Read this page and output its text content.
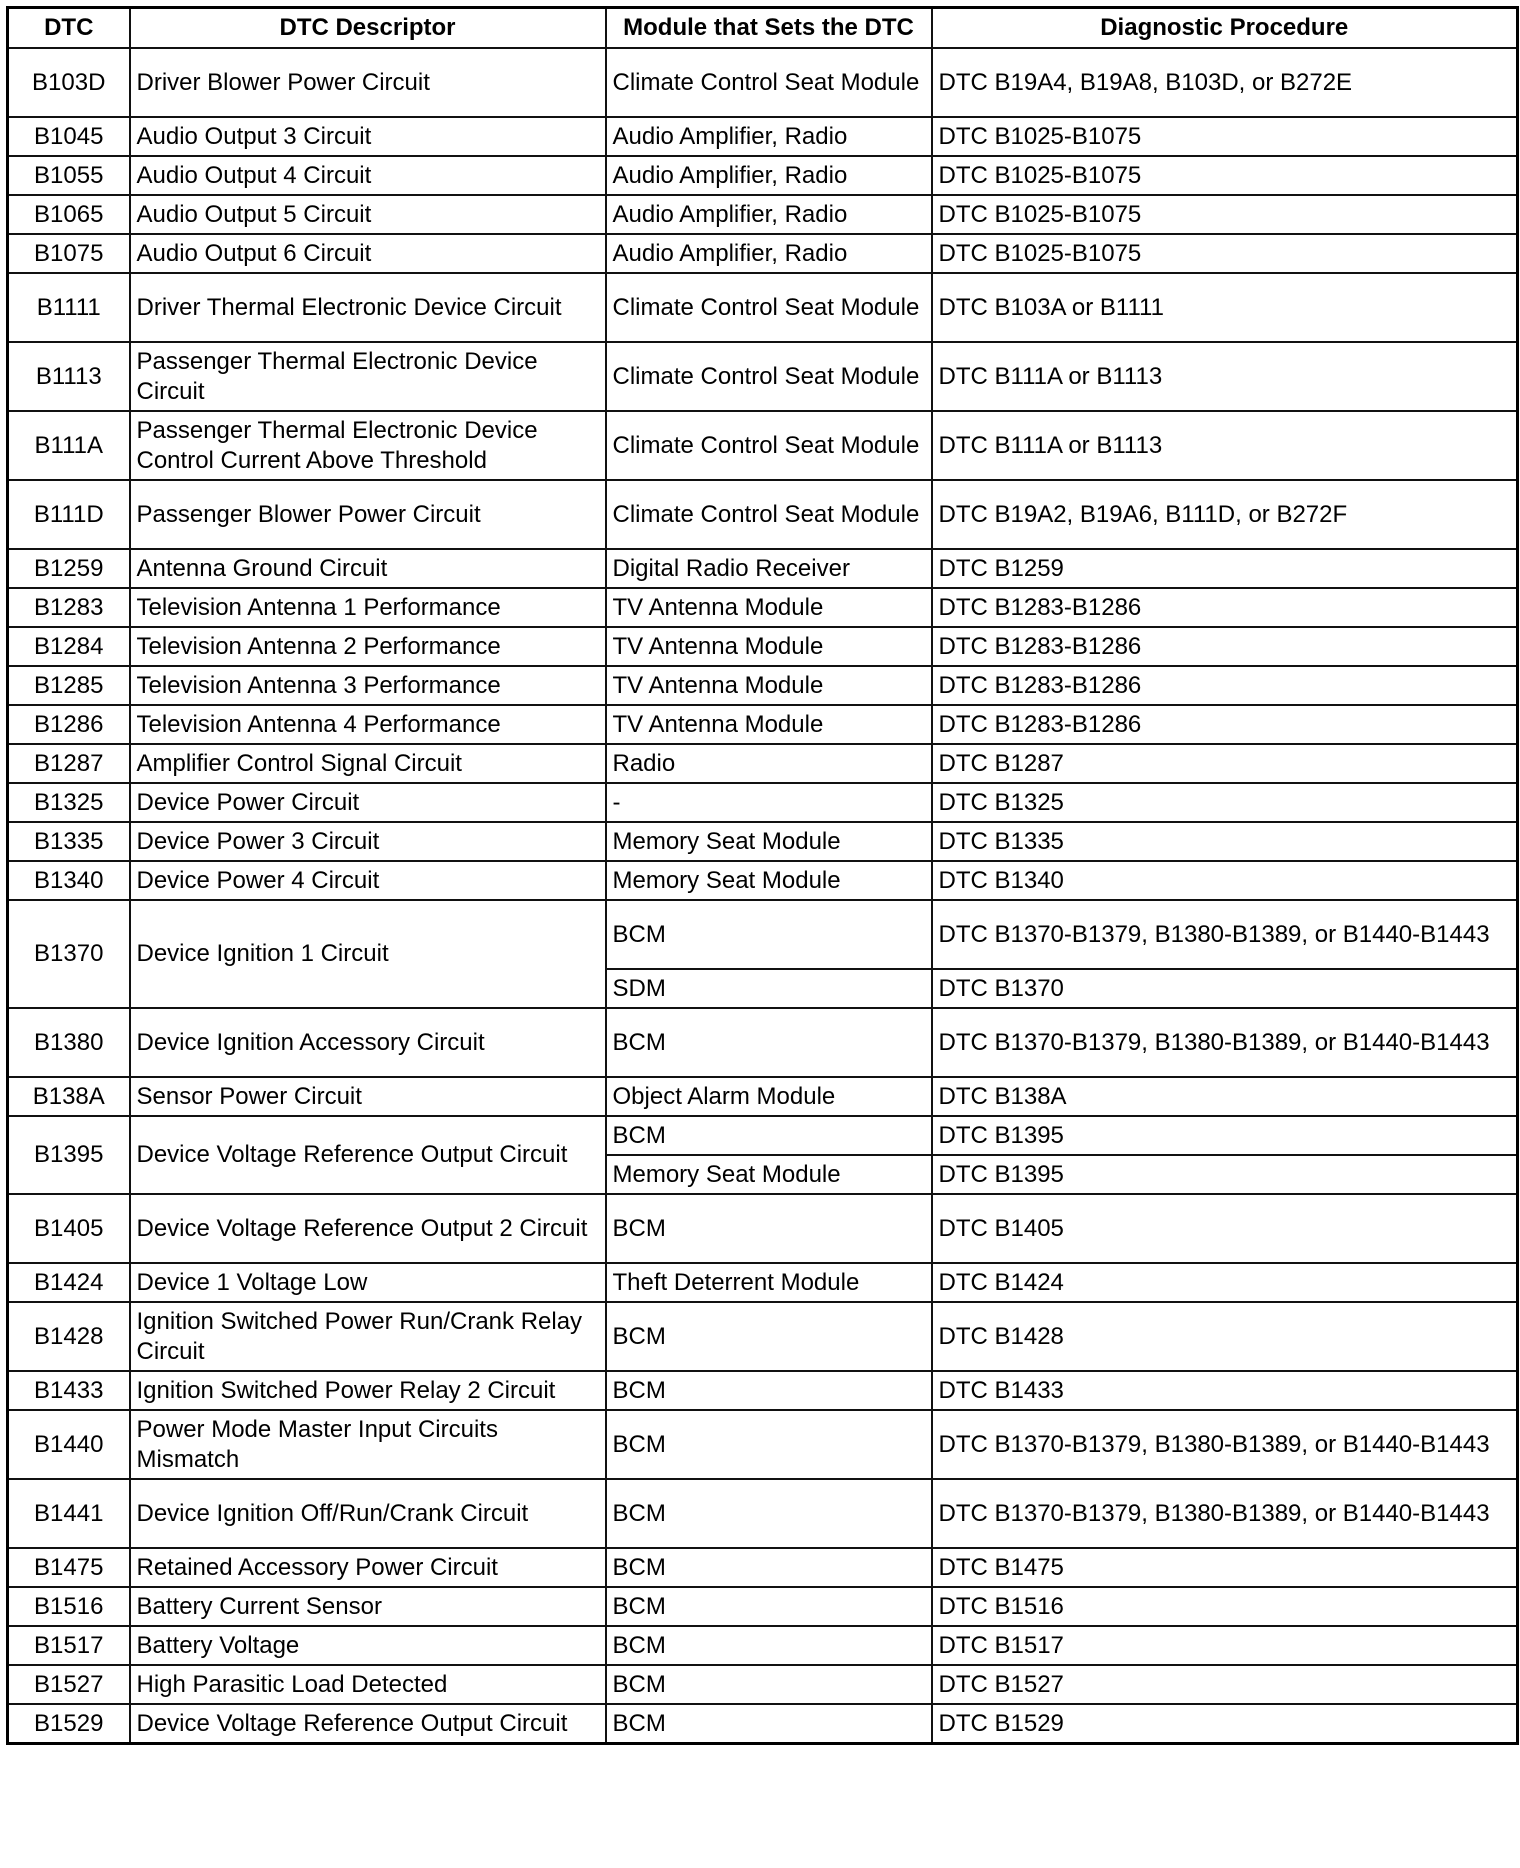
DTC	DTC Descriptor	Module that Sets the DTC	Diagnostic Procedure
B103D	Driver Blower Power Circuit	Climate Control Seat Module	DTC B19A4, B19A8, B103D, or B272E
B1045	Audio Output 3 Circuit	Audio Amplifier, Radio	DTC B1025-B1075
B1055	Audio Output 4 Circuit	Audio Amplifier, Radio	DTC B1025-B1075
B1065	Audio Output 5 Circuit	Audio Amplifier, Radio	DTC B1025-B1075
B1075	Audio Output 6 Circuit	Audio Amplifier, Radio	DTC B1025-B1075
B1111	Driver Thermal Electronic Device Circuit	Climate Control Seat Module	DTC B103A or B1111
B1113	Passenger Thermal Electronic Device Circuit	Climate Control Seat Module	DTC B111A or B1113
B111A	Passenger Thermal Electronic Device Control Current Above Threshold	Climate Control Seat Module	DTC B111A or B1113
B111D	Passenger Blower Power Circuit	Climate Control Seat Module	DTC B19A2, B19A6, B111D, or B272F
B1259	Antenna Ground Circuit	Digital Radio Receiver	DTC B1259
B1283	Television Antenna 1 Performance	TV Antenna Module	DTC B1283-B1286
B1284	Television Antenna 2 Performance	TV Antenna Module	DTC B1283-B1286
B1285	Television Antenna 3 Performance	TV Antenna Module	DTC B1283-B1286
B1286	Television Antenna 4 Performance	TV Antenna Module	DTC B1283-B1286
B1287	Amplifier Control Signal Circuit	Radio	DTC B1287
B1325	Device Power Circuit	-	DTC B1325
B1335	Device Power 3 Circuit	Memory Seat Module	DTC B1335
B1340	Device Power 4 Circuit	Memory Seat Module	DTC B1340
B1370	Device Ignition 1 Circuit	BCM	DTC B1370-B1379, B1380-B1389, or B1440-B1443
		SDM	DTC B1370
B1380	Device Ignition Accessory Circuit	BCM	DTC B1370-B1379, B1380-B1389, or B1440-B1443
B138A	Sensor Power Circuit	Object Alarm Module	DTC B138A
B1395	Device Voltage Reference Output Circuit	BCM	DTC B1395
		Memory Seat Module	DTC B1395
B1405	Device Voltage Reference Output 2 Circuit	BCM	DTC B1405
B1424	Device 1 Voltage Low	Theft Deterrent Module	DTC B1424
B1428	Ignition Switched Power Run/Crank Relay Circuit	BCM	DTC B1428
B1433	Ignition Switched Power Relay 2 Circuit	BCM	DTC B1433
B1440	Power Mode Master Input Circuits Mismatch	BCM	DTC B1370-B1379, B1380-B1389, or B1440-B1443
B1441	Device Ignition Off/Run/Crank Circuit	BCM	DTC B1370-B1379, B1380-B1389, or B1440-B1443
B1475	Retained Accessory Power Circuit	BCM	DTC B1475
B1516	Battery Current Sensor	BCM	DTC B1516
B1517	Battery Voltage	BCM	DTC B1517
B1527	High Parasitic Load Detected	BCM	DTC B1527
B1529	Device Voltage Reference Output Circuit	BCM	DTC B1529
